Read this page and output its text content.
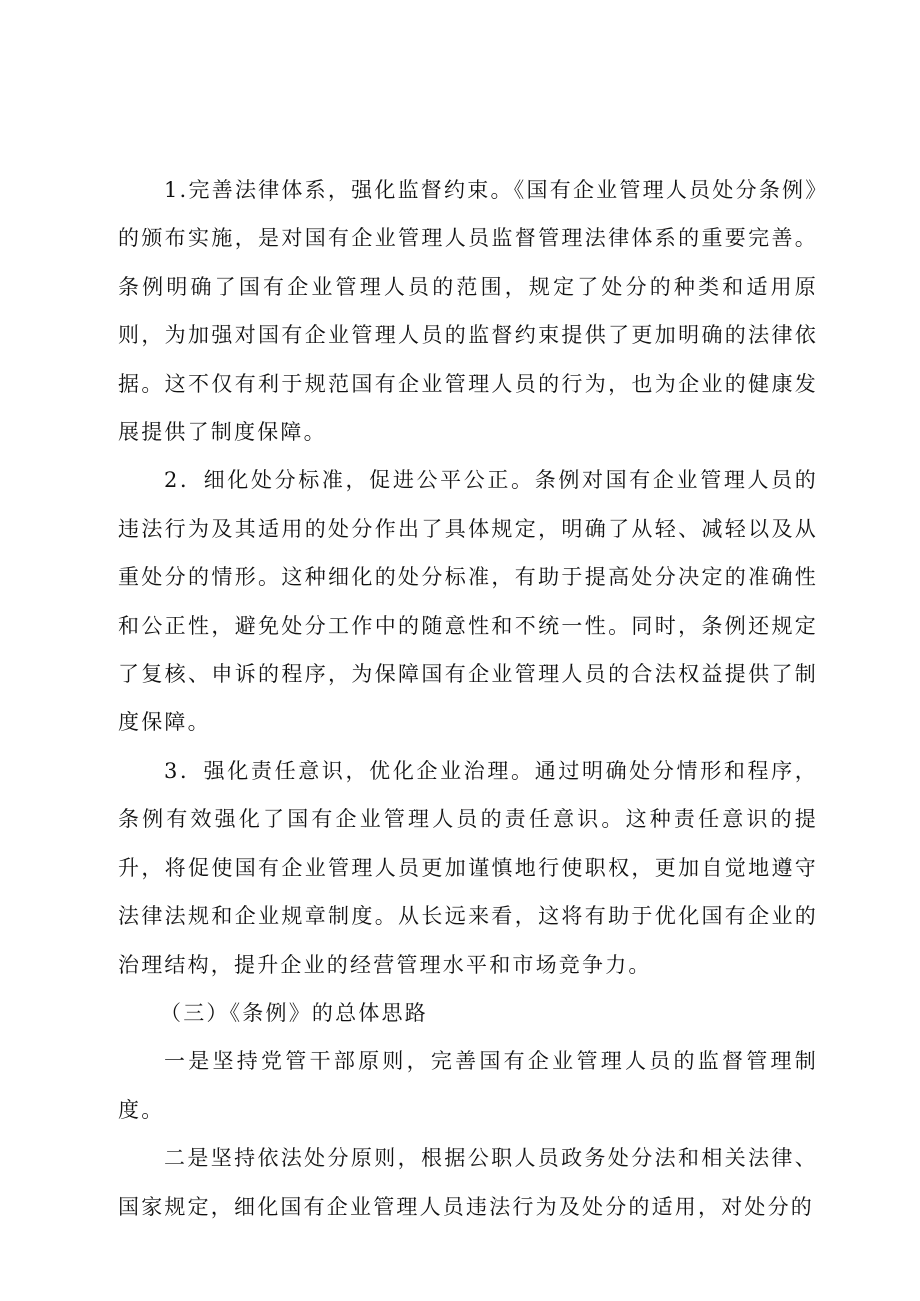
1.完善法律体系，强化监督约束。《国有企业管理人员处分条例》的颁布实施，是对国有企业管理人员监督管理法律体系的重要完善。条例明确了国有企业管理人员的范围，规定了处分的种类和适用原则，为加强对国有企业管理人员的监督约束提供了更加明确的法律依据。这不仅有利于规范国有企业管理人员的行为，也为企业的健康发展提供了制度保障。

2．细化处分标准，促进公平公正。条例对国有企业管理人员的违法行为及其适用的处分作出了具体规定，明确了从轻、减轻以及从重处分的情形。这种细化的处分标准，有助于提高处分决定的准确性和公正性，避免处分工作中的随意性和不统一性。同时，条例还规定了复核、申诉的程序，为保障国有企业管理人员的合法权益提供了制度保障。

3．强化责任意识，优化企业治理。通过明确处分情形和程序，条例有效强化了国有企业管理人员的责任意识。这种责任意识的提升，将促使国有企业管理人员更加谨慎地行使职权，更加自觉地遵守法律法规和企业规章制度。从长远来看，这将有助于优化国有企业的治理结构，提升企业的经营管理水平和市场竞争力。

（三）《条例》的总体思路

一是坚持党管干部原则，完善国有企业管理人员的监督管理制度。

二是坚持依法处分原则，根据公职人员政务处分法和相关法律、国家规定，细化国有企业管理人员违法行为及处分的适用，对处分的
